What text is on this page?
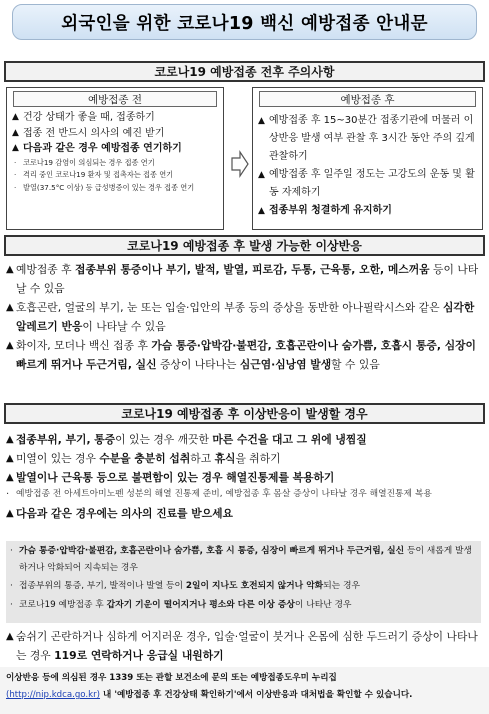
외국인을 위한 코로나19 백신 예방접종 안내문
코로나19 예방접종 전후 주의사항
예방접종 전
▲ 건강 상태가 좋을 때, 접종하기
▲ 접종 전 반드시 의사의 예진 받기
▲ 다음과 같은 경우 예방접종 연기하기
· 코로나19 감염이 의심되는 경우 접종 연기
· 격리 중인 코로나19 환자 및 접촉자는 접종 연기
· 발열(37.5°C 이상) 등 급성병증이 있는 경우 접종 연기
예방접종 후
▲ 예방접종 후 15~30분간 접종기관에 머물러 이상반응 발생 여부 관찰 후 3시간 동안 주의 깊게 관찰하기
▲ 예방접종 후 일주일 정도는 고강도의 운동 및 활동 자제하기
▲ 접종부위 청결하게 유지하기
코로나19 예방접종 후 발생 가능한 이상반응
▲ 예방접종 후 접종부위 통증이나 부기, 발적, 발열, 피로감, 두통, 근육통, 오한, 메스꺼움 등이 나타날 수 있음
▲ 호흡곤란, 얼굴의 부기, 눈 또는 입술·입안의 부종 등의 증상을 동반한 아나필락시스와 같은 심각한 알레르기 반응이 나타날 수 있음
▲ 화이자, 모더나 백신 접종 후 가슴 통증·압박감·불편감, 호흡곤란이나 숨가쁨, 호흡시 통증, 심장이 빠르게 뛰거나 두근거림, 실신 증상이 나타나는 심근염·심낭염 발생할 수 있음
코로나19 예방접종 후 이상반응이 발생할 경우
▲ 접종부위, 부기, 통증이 있는 경우 깨끗한 마른 수건을 대고 그 위에 냉찜질
▲ 미열이 있는 경우 수분을 충분히 섭취하고 휴식을 취하기
▲ 발열이나 근육통 등으로 불편함이 있는 경우 해열진통제를 복용하기
· 예방접종 전 아세트아미노펜 성분의 해열 진통제 준비, 예방접종 후 몸살 증상이 나타날 경우 해열진통제 복용
▲ 다음과 같은 경우에는 의사의 진료를 받으세요
· 가슴 통증·압박감·불편감, 호흡곤란이나 숨가쁨, 호흡 시 통증, 심장이 빠르게 뛰거나 두근거림, 실신 등이 새롭게 발생하거나 악화되어 지속되는 경우
· 접종부위의 통증, 부기, 발적이나 발열 등이 2일이 지나도 호전되지 않거나 악화되는 경우
· 코로나19 예방접종 후 갑자기 기운이 떨어지거나 평소와 다른 이상 증상이 나타난 경우
▲ 숨쉬기 곤란하거나 심하게 어지러운 경우, 입술·얼굴이 붓거나 온몸에 심한 두드러기 증상이 나타나는 경우 119로 연락하거나 응급실 내원하기
이상반응 등에 의심된 경우 1339 또는 관할 보건소에 문의 또는 예방접종도우미 누리집
(http://nip.kdca.go.kr) 내 '예방접종 후 건강상태 확인하기'에서 이상반응과 대처법을 확인할 수 있습니다.
